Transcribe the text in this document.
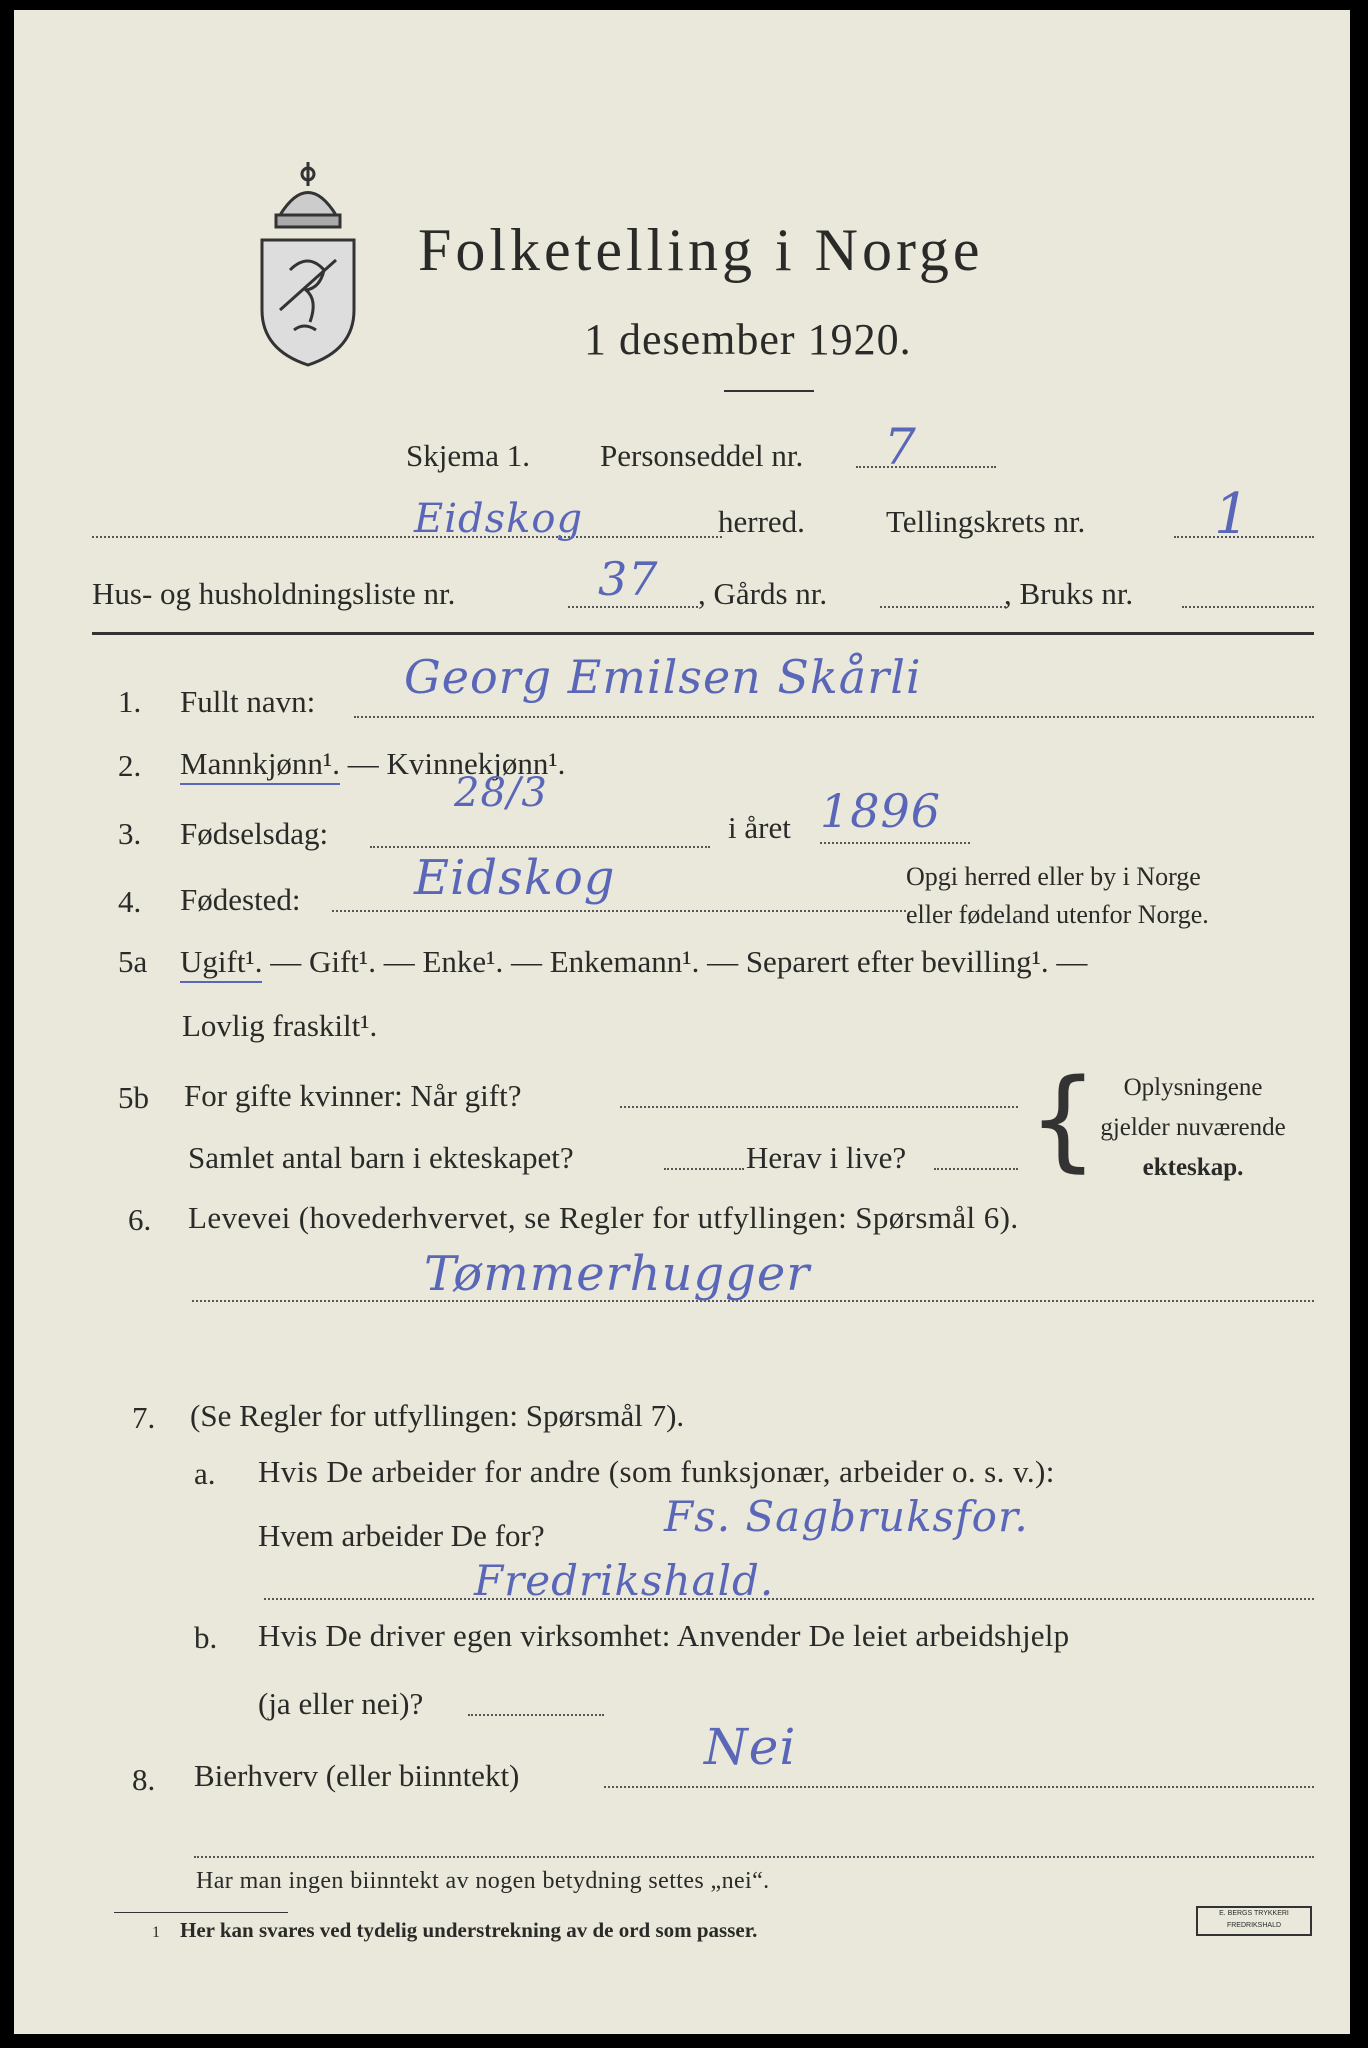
Folketelling i Norge
1 desember 1920.
Skjema 1. Personseddel nr. 7
Eidskog	herred.	Tellingskrets nr. 1
Hus- og husholdningsliste nr.	37 , Gårds nr.	, Bruks nr.
1. Fullt navn: Georg Emilsen Skårli
2. Mannkjønn¹. — Kvinnekjønn¹.
3. Fødselsdag:
28/3
i året 1896
4. Fødested: Eidskog	Opgi herred eller by i Norge
eller fødeland utenfor Norge.
5a Ugift¹. — Gift¹. — Enke¹. — Enkemann¹. — Separert efter bevilling¹. —
Lovlig fraskilt¹.
5b For gifte kvinner: Når gift?
Samlet antal barn i ekteskapet?	Herav i live? {	Oplysningene
gjelder nuværende
ekteskap.
6. Levevei (hovederhvervet, se Regler for utfyllingen: Spørsmål 6).
Tømmerhugger
7. (Se Regler for utfyllingen: Spørsmål 7).
a. Hvis De arbeider for andre (som funksjonær, arbeider o. s. v.):
Hvem arbeider De for?	Fs. Sagbruksfor.
Fredrikshald.
b. Hvis De driver egen virksomhet: Anvender De leiet arbeidshjelp
(ja eller nei)?
8. Bierhverv (eller biinntekt)	Nei
Har man ingen biinntekt av nogen betydning settes „nei“.
1 Her kan svares ved tydelig understrekning av de ord som passer.
E. BERGS TRYKKERI
FREDRIKSHALD
